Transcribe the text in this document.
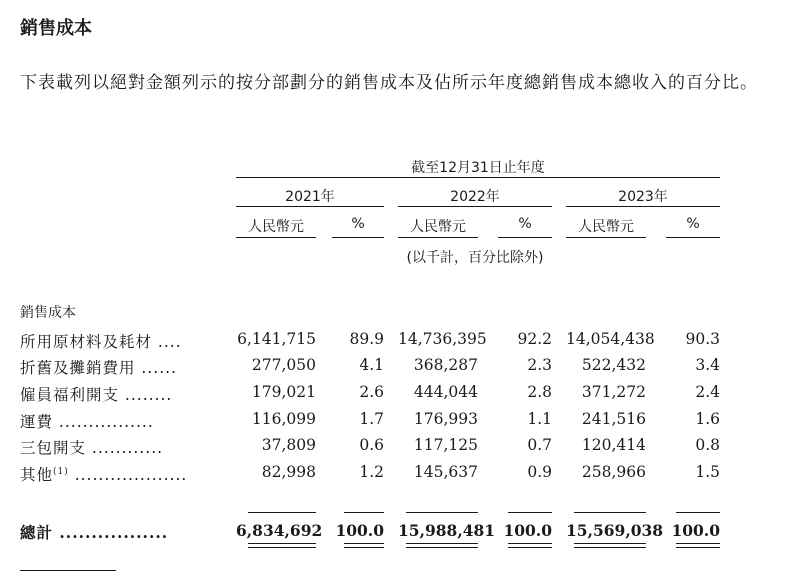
銷售成本
下表載列以絕對金額列示的按分部劃分的銷售成本及佔所示年度總銷售成本總收入的百分比。
截至12月31日止年度
2021年	2022年	2023年
人民幣元	%	人民幣元	%	人民幣元	%
(以千計，百分比除外)
銷售成本
所用原材料及耗材 ....	6,141,715	89.9 14,736,395	92.2 14,054,438	90.3
折舊及攤銷費用 ......	277,050	4.1	368,287	2.3	522,432	3.4
僱員福利開支 ........	179,021	2.6	444,044	2.8	371,272	2.4
運費 ................	116,099	1.7	176,993	1.1	241,516	1.6
三包開支 ............	37,809	0.6	117,125	0.7	120,414	0.8
其他$^{(1)}$ ...................	82,998	1.2	145,637	0.9	258,966	1.5
總計 .................	6,834,692 100.0 15,988,481 100.0 15,569,038 100.0
